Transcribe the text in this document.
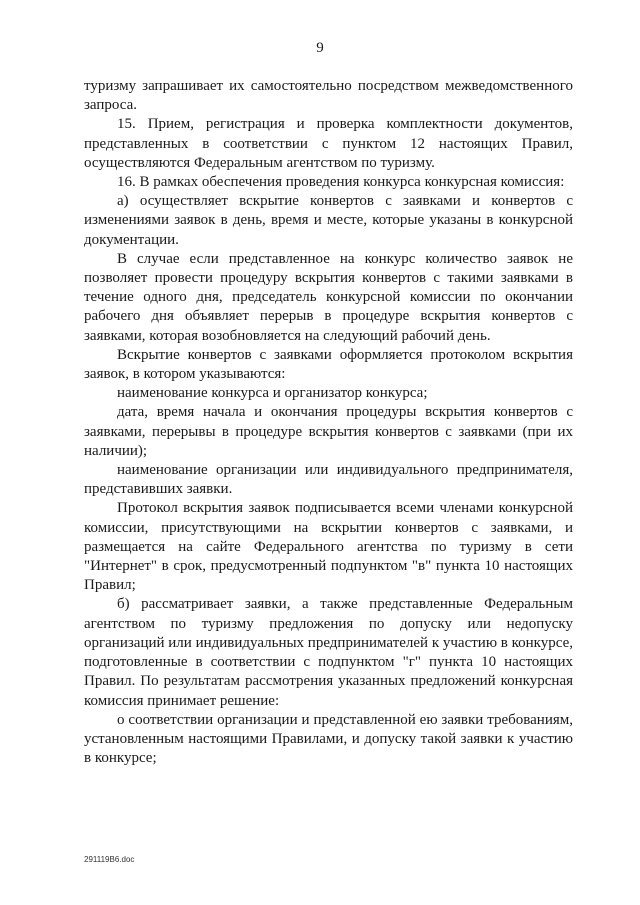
9

туризму запрашивает их самостоятельно посредством межведомственного запроса.

15. Прием, регистрация и проверка комплектности документов, представленных в соответствии с пунктом 12 настоящих Правил, осуществляются Федеральным агентством по туризму.

16. В рамках обеспечения проведения конкурса конкурсная комиссия:

а) осуществляет вскрытие конвертов с заявками и конвертов с изменениями заявок в день, время и месте, которые указаны в конкурсной документации.

В случае если представленное на конкурс количество заявок не позволяет провести процедуру вскрытия конвертов с такими заявками в течение одного дня, председатель конкурсной комиссии по окончании рабочего дня объявляет перерыв в процедуре вскрытия конвертов с заявками, которая возобновляется на следующий рабочий день.

Вскрытие конвертов с заявками оформляется протоколом вскрытия заявок, в котором указываются:

наименование конкурса и организатор конкурса;

дата, время начала и окончания процедуры вскрытия конвертов с заявками, перерывы в процедуре вскрытия конвертов с заявками (при их наличии);

наименование организации или индивидуального предпринимателя, представивших заявки.

Протокол вскрытия заявок подписывается всеми членами конкурсной комиссии, присутствующими на вскрытии конвертов с заявками, и размещается на сайте Федерального агентства по туризму в сети "Интернет" в срок, предусмотренный подпунктом "в" пункта 10 настоящих Правил;

б) рассматривает заявки, а также представленные Федеральным агентством по туризму предложения по допуску или недопуску организаций или индивидуальных предпринимателей к участию в конкурсе, подготовленные в соответствии с подпунктом "г" пункта 10 настоящих Правил. По результатам рассмотрения указанных предложений конкурсная комиссия принимает решение:

о соответствии организации и представленной ею заявки требованиям, установленным настоящими Правилами, и допуску такой заявки к участию в конкурсе;

291119В6.doc
